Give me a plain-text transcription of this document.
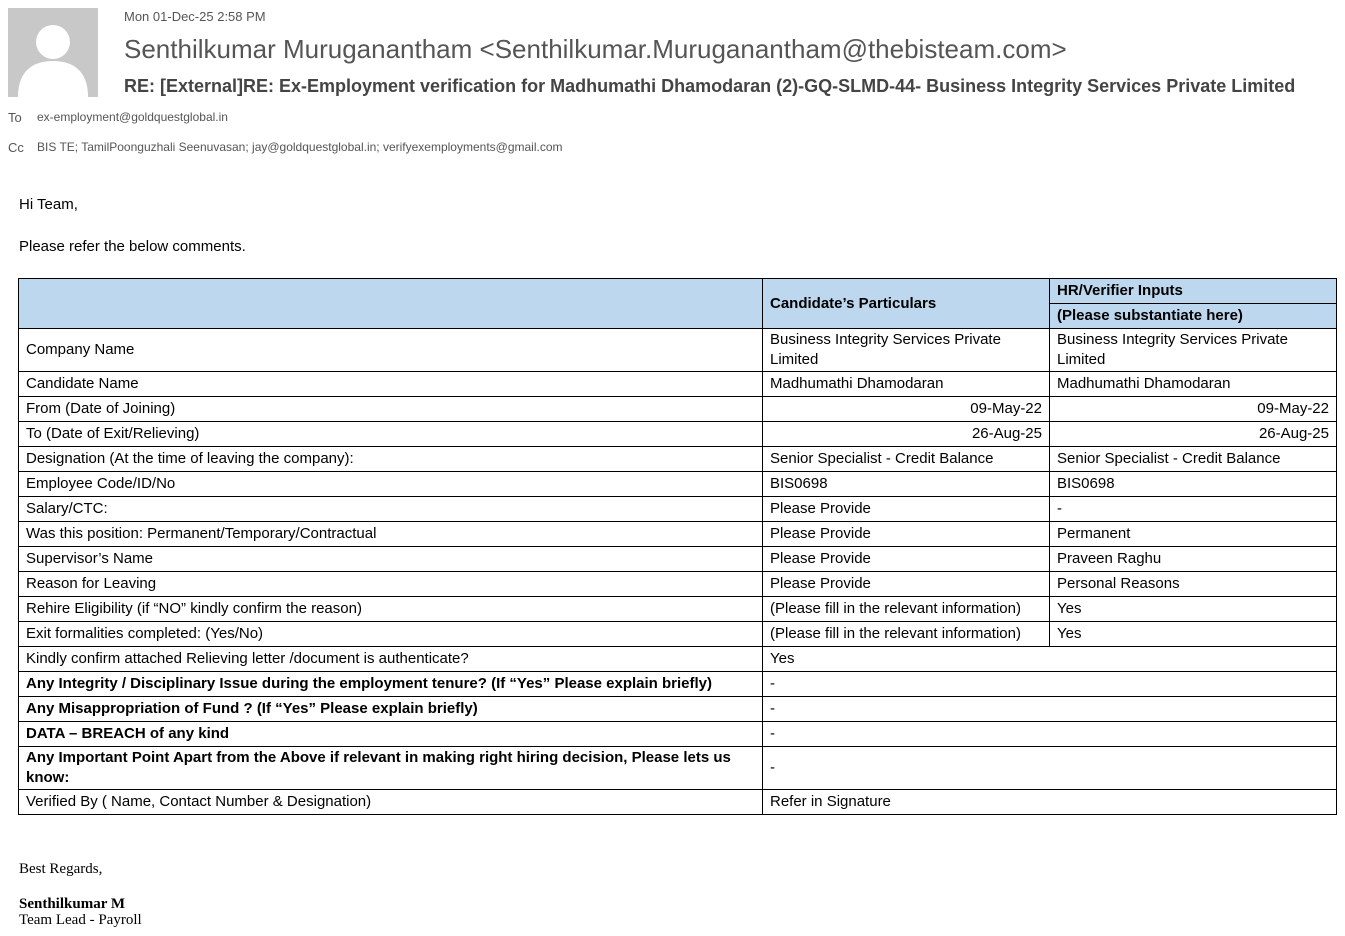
Mon 01-Dec-25 2:58 PM
Senthilkumar Muruganantham <Senthilkumar.Muruganantham@thebisteam.com>
RE: [External]RE: Ex-Employment verification for Madhumathi Dhamodaran (2)-GQ-SLMD-44- Business Integrity Services Private Limited
To ex-employment@goldquestglobal.in
Cc BIS TE; TamilPoonguzhali Seenuvasan; jay@goldquestglobal.in; verifyexemployments@gmail.com
Hi Team,
Please refer the below comments.
	Candidate’s Particulars	HR/Verifier Inputs
		(Please substantiate here)
Company Name	Business Integrity Services Private Limited	Business Integrity Services Private Limited
Candidate Name	Madhumathi Dhamodaran	Madhumathi Dhamodaran
From (Date of Joining)	09-May-22	09-May-22
To (Date of Exit/Relieving)	26-Aug-25	26-Aug-25
Designation (At the time of leaving the company):	Senior Specialist - Credit Balance	Senior Specialist - Credit Balance
Employee Code/ID/No	BIS0698	BIS0698
Salary/CTC:	Please Provide	-
Was this position: Permanent/Temporary/Contractual	Please Provide	Permanent
Supervisor’s Name	Please Provide	Praveen Raghu
Reason for Leaving	Please Provide	Personal Reasons
Rehire Eligibility (if “NO” kindly confirm the reason)	(Please fill in the relevant information)	Yes
Exit formalities completed: (Yes/No)	(Please fill in the relevant information)	Yes
Kindly confirm attached Relieving letter /document is authenticate?	Yes	
Any Integrity / Disciplinary Issue during the employment tenure? (If “Yes” Please explain briefly)	-	
Any Misappropriation of Fund ? (If “Yes” Please explain briefly)	-	
DATA – BREACH of any kind	-	
Any Important Point Apart from the Above if relevant in making right hiring decision, Please lets us know:	-	
Verified By ( Name, Contact Number & Designation)	Refer in Signature	
Best Regards,
Senthilkumar M
Team Lead - Payroll
